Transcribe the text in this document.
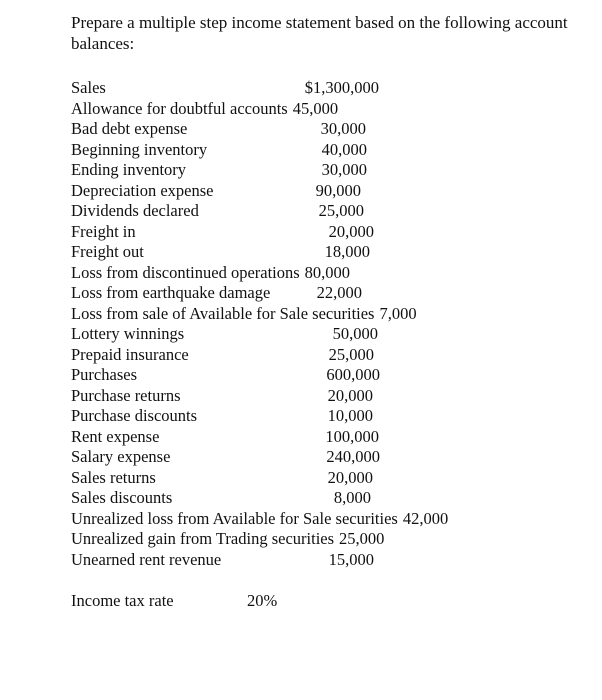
Prepare a multiple step income statement based on the following account balances:
Sales	$1,300,000
Allowance for doubtful accounts 45,000
Bad debt expense	30,000
Beginning inventory	40,000
Ending inventory	30,000
Depreciation expense	90,000
Dividends declared	25,000
Freight in	20,000
Freight out	18,000
Loss from discontinued operations 80,000
Loss from earthquake damage	22,000
Loss from sale of Available for Sale securities 7,000
Lottery winnings	50,000
Prepaid insurance	25,000
Purchases	600,000
Purchase returns	20,000
Purchase discounts	10,000
Rent expense	100,000
Salary expense	240,000
Sales returns	20,000
Sales discounts	8,000
Unrealized loss from Available for Sale securities 42,000
Unrealized gain from Trading securities 25,000
Unearned rent revenue	15,000
Income tax rate	20%
